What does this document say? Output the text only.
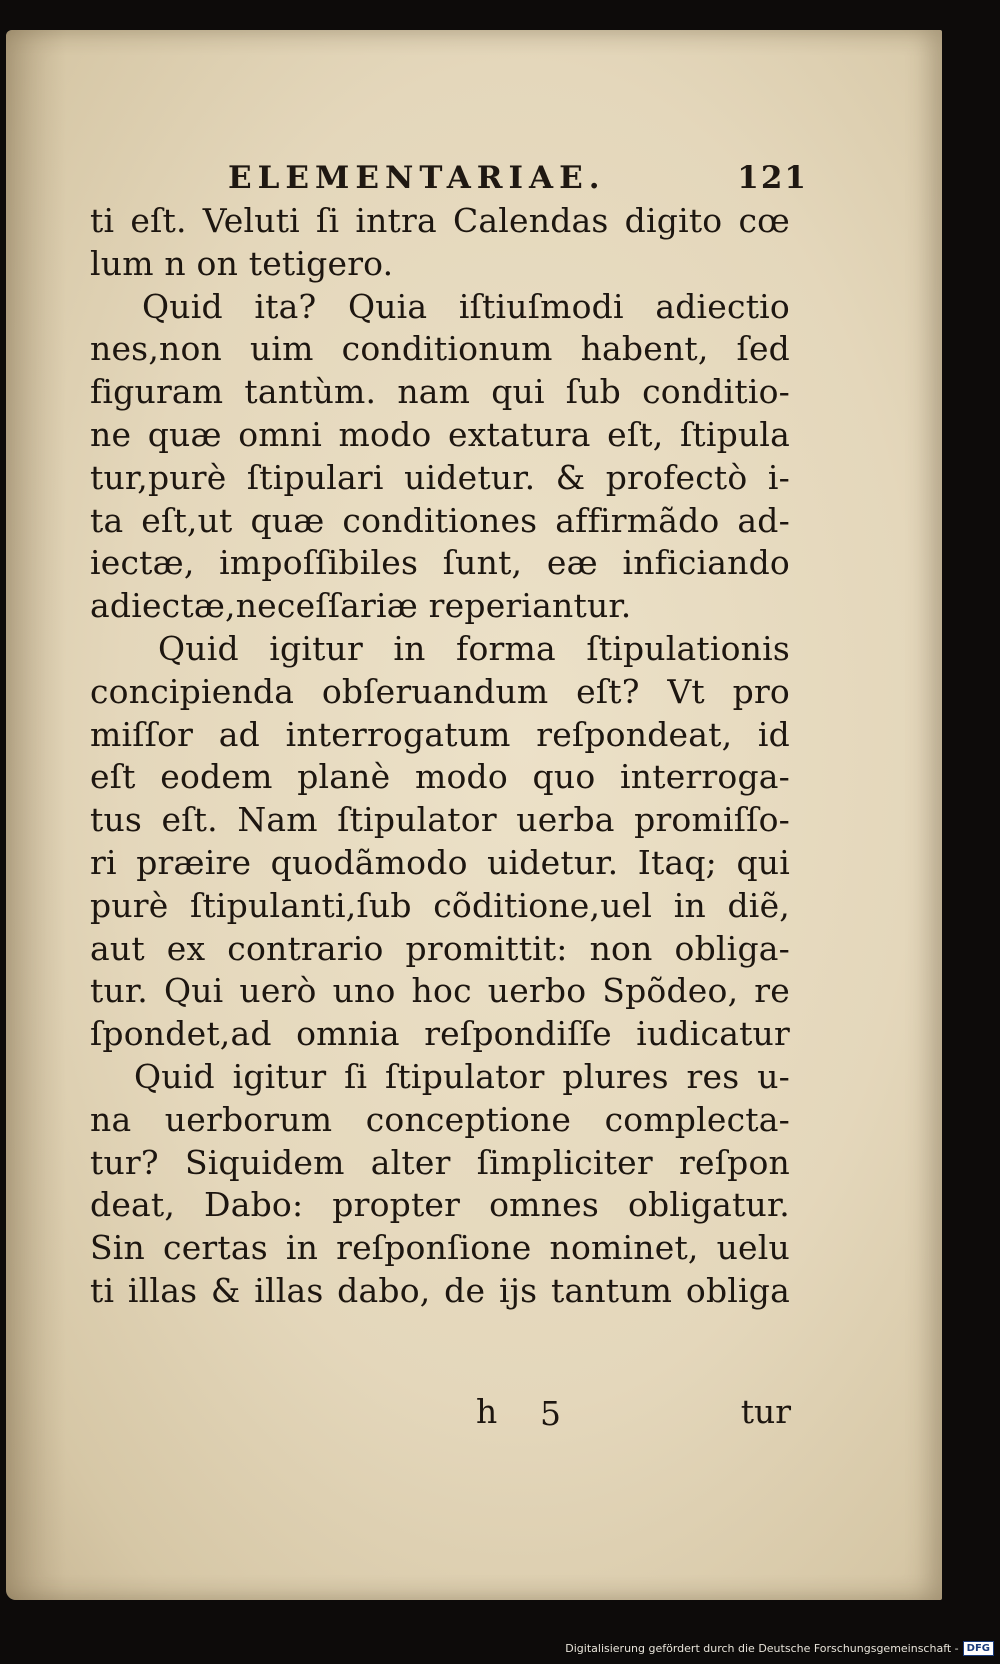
ELEMENTARIAE.	121
ti eſt. Veluti ſi intra Calendas digito cœ
lum n on tetigero.
Quid ita? Quia iſtiuſmodi adiectio
nes,non uim conditionum habent, ſed
figuram tantùm. nam qui ſub conditio-
ne quæ omni modo extatura eſt, ſtipula
tur,purè ſtipulari uidetur. & profectò i-
ta eſt,ut quæ conditiones affirmãdo ad-
iectæ, impoſſibiles ſunt, eæ inficiando
adiectæ,neceſſariæ reperiantur.
Quid igitur in forma ſtipulationis
concipienda obſeruandum eſt? Vt pro
miſſor ad interrogatum reſpondeat, id
eſt eodem planè modo quo interroga-
tus eſt. Nam ſtipulator uerba promiſſo-
ri præire quodãmodo uidetur. Itaq; qui
purè ſtipulanti,ſub cõditione,uel in diẽ,
aut ex contrario promittit: non obliga-
tur. Qui uerò uno hoc uerbo Spõdeo, re
ſpondet,ad omnia reſpondiſſe iudicatur
Quid igitur ſi ſtipulator plures res u-
na uerborum conceptione complecta-
tur? Siquidem alter ſimpliciter reſpon
deat, Dabo: propter omnes obligatur.
Sin certas in reſponſione nominet, uelu
ti illas & illas dabo, de ijs tantum obliga
h 5	tur
Digitalisierung gefördert durch die Deutsche Forschungsgemeinschaft - DFG
